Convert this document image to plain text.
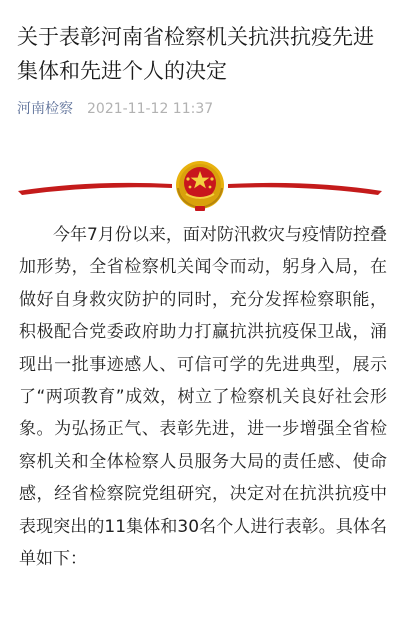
关于表彰河南省检察机关抗洪抗疫先进集体和先进个人的决定
河南检察 2021-11-12 11:37

今年7月份以来，面对防汛救灾与疫情防控叠加形势，全省检察机关闻令而动，躬身入局，在做好自身救灾防护的同时，充分发挥检察职能，积极配合党委政府助力打赢抗洪抗疫保卫战，涌现出一批事迹感人、可信可学的先进典型，展示了“两项教育”成效，树立了检察机关良好社会形象。为弘扬正气、表彰先进，进一步增强全省检察机关和全体检察人员服务大局的责任感、使命感，经省检察院党组研究，决定对在抗洪抗疫中表现突出的11集体和30名个人进行表彰。具体名单如下：
